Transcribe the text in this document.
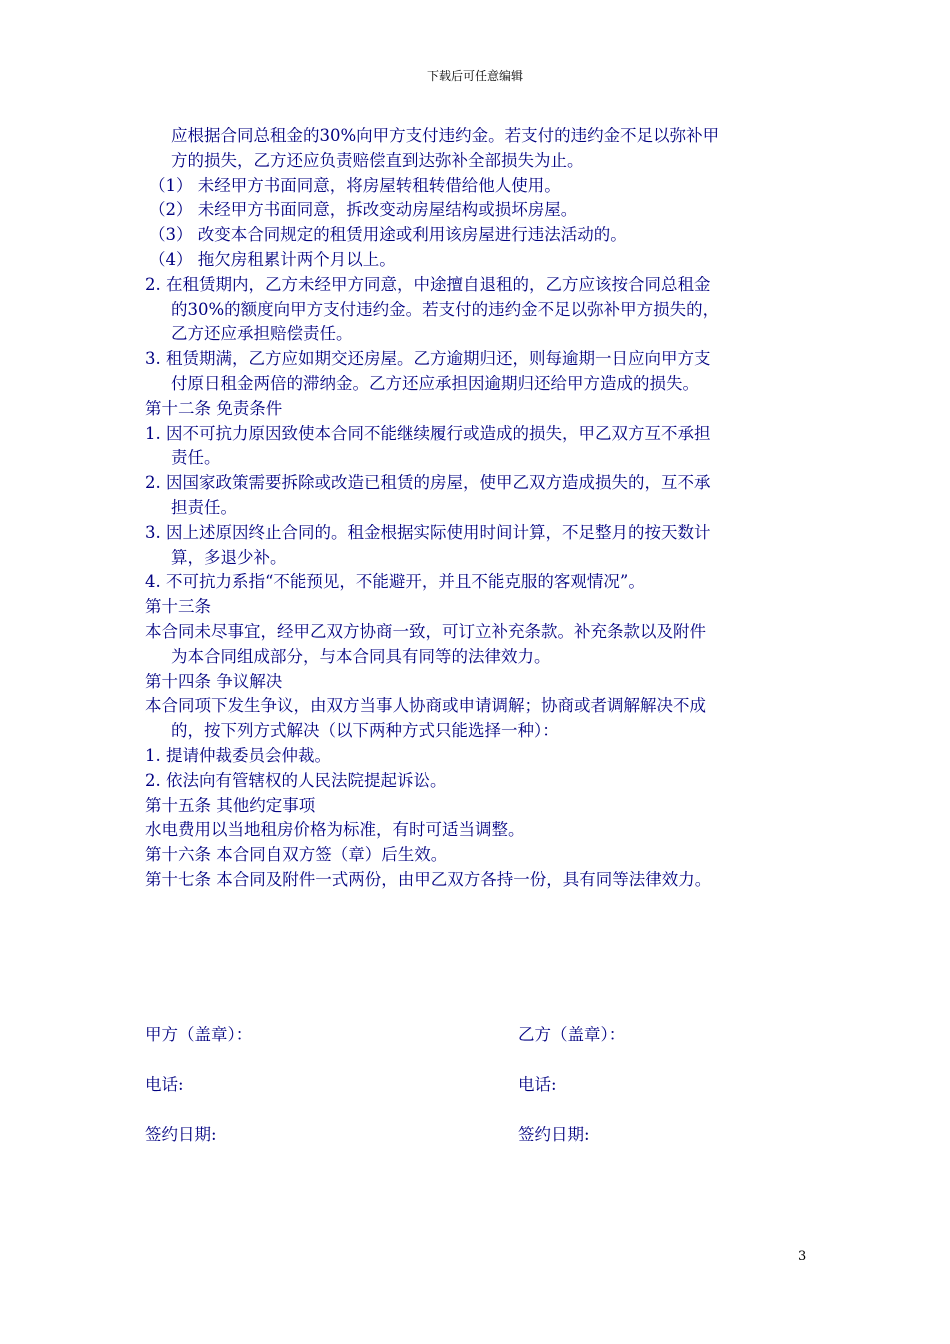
下载后可任意编辑
应根据合同总租金的30%向甲方支付违约金。若支付的违约金不足以弥补甲
方的损失，乙方还应负责赔偿直到达弥补全部损失为止。
（1） 未经甲方书面同意，将房屋转租转借给他人使用。
（2） 未经甲方书面同意，拆改变动房屋结构或损坏房屋。
（3） 改变本合同规定的租赁用途或利用该房屋进行违法活动的。
（4） 拖欠房租累计两个月以上。
2. 在租赁期内，乙方未经甲方同意，中途擅自退租的，乙方应该按合同总租金
的30%的额度向甲方支付违约金。若支付的违约金不足以弥补甲方损失的，
乙方还应承担赔偿责任。
3. 租赁期满，乙方应如期交还房屋。乙方逾期归还，则每逾期一日应向甲方支
付原日租金两倍的滞纳金。乙方还应承担因逾期归还给甲方造成的损失。
第十二条 免责条件
1. 因不可抗力原因致使本合同不能继续履行或造成的损失，甲乙双方互不承担
责任。
2. 因国家政策需要拆除或改造已租赁的房屋，使甲乙双方造成损失的，互不承
担责任。
3. 因上述原因终止合同的。租金根据实际使用时间计算，不足整月的按天数计
算，多退少补。
4. 不可抗力系指“不能预见，不能避开，并且不能克服的客观情况”。
第十三条
本合同未尽事宜，经甲乙双方协商一致，可订立补充条款。补充条款以及附件
为本合同组成部分，与本合同具有同等的法律效力。
第十四条 争议解决
本合同项下发生争议，由双方当事人协商或申请调解；协商或者调解解决不成
的，按下列方式解决（以下两种方式只能选择一种）：
1. 提请仲裁委员会仲裁。
2. 依法向有管辖权的人民法院提起诉讼。
第十五条 其他约定事项
水电费用以当地租房价格为标准，有时可适当调整。
第十六条 本合同自双方签（章）后生效。
第十七条 本合同及附件一式两份，由甲乙双方各持一份，具有同等法律效力。
甲方（盖章）：	乙方（盖章）：
电话:	电话:
签约日期:	签约日期:
3
